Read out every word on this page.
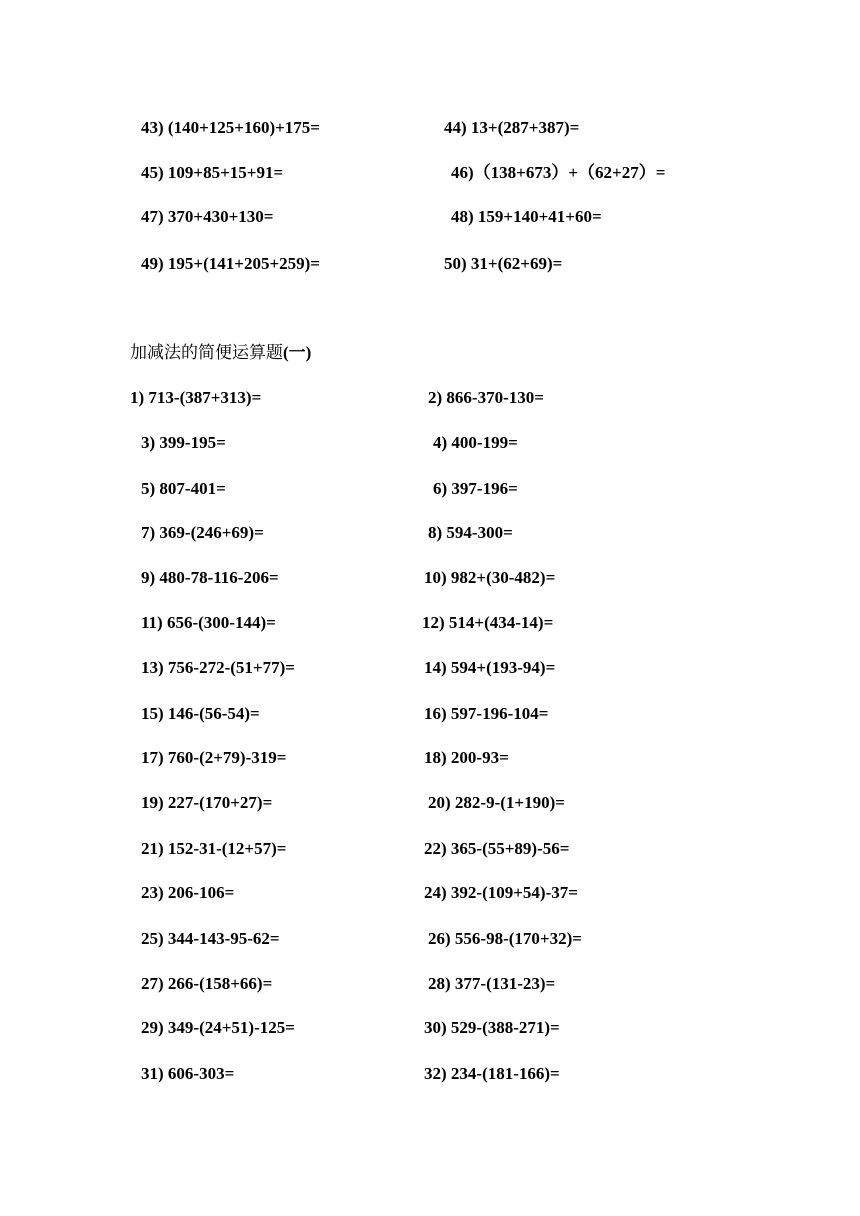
43) (140+125+160)+175=	44) 13+(287+387)=
45) 109+85+15+91=	46)（138+673）+（62+27）=
47) 370+430+130=	48) 159+140+41+60=
49) 195+(141+205+259)=	50) 31+(62+69)=
加减法的简便运算题(一)
1) 713-(387+313)=	2) 866-370-130=
3) 399-195=	4) 400-199=
5) 807-401=	6) 397-196=
7) 369-(246+69)=	8) 594-300=
9) 480-78-116-206=	10) 982+(30-482)=
11) 656-(300-144)=	12) 514+(434-14)=
13) 756-272-(51+77)=	14) 594+(193-94)=
15) 146-(56-54)=	16) 597-196-104=
17) 760-(2+79)-319=	18) 200-93=
19) 227-(170+27)=	20) 282-9-(1+190)=
21) 152-31-(12+57)=	22) 365-(55+89)-56=
23) 206-106=	24) 392-(109+54)-37=
25) 344-143-95-62=	26) 556-98-(170+32)=
27) 266-(158+66)=	28) 377-(131-23)=
29) 349-(24+51)-125=	30) 529-(388-271)=
31) 606-303=	32) 234-(181-166)=
